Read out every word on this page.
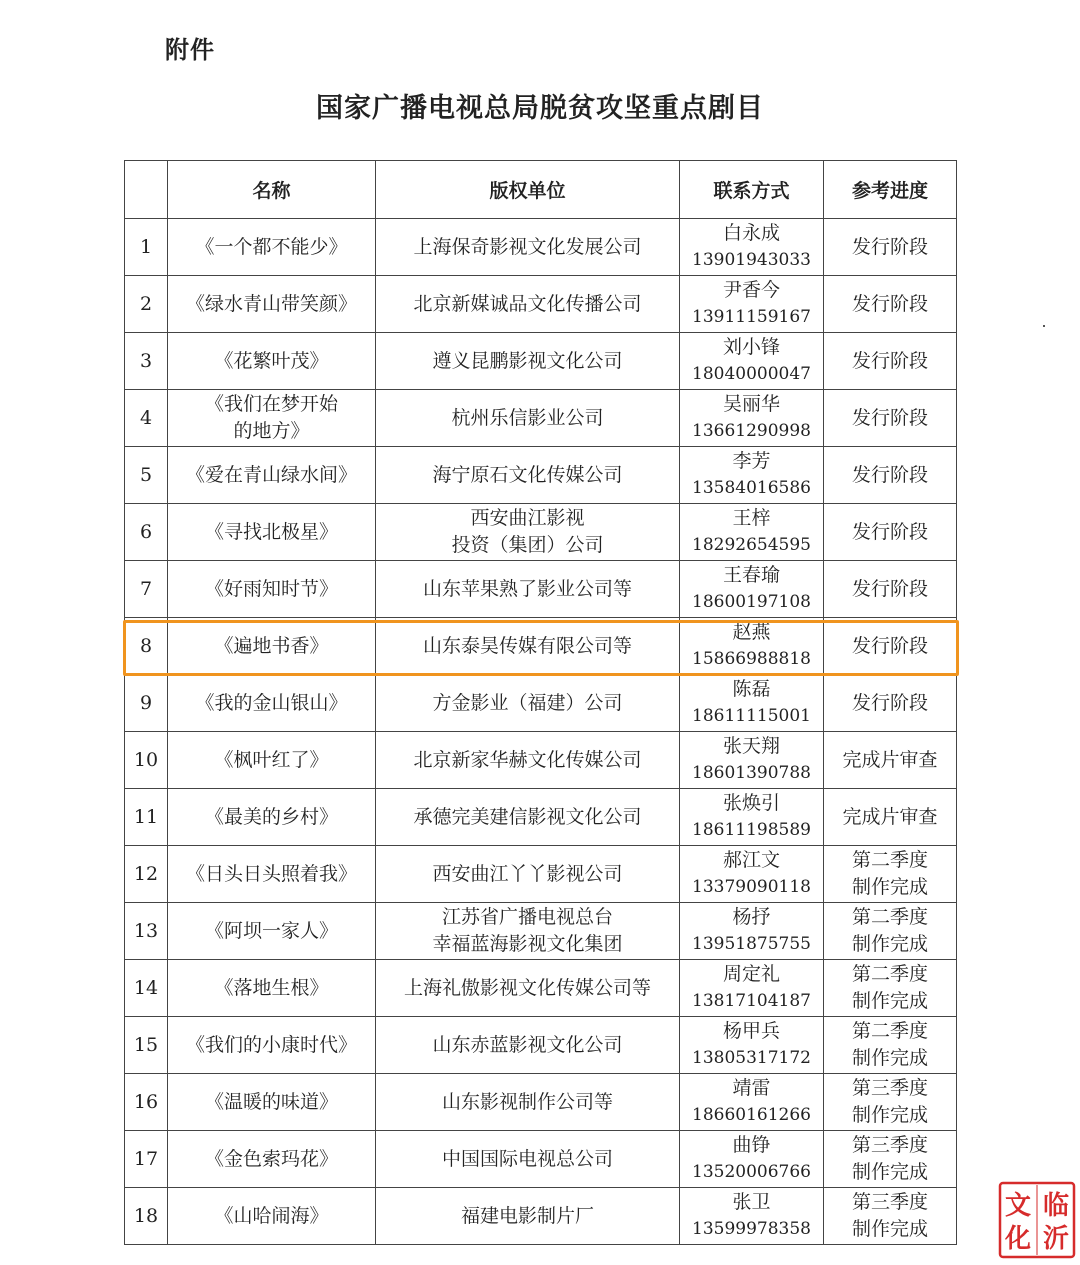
附件
国家广播电视总局脱贫攻坚重点剧目
	名称	版权单位	联系方式	参考进度
1	《一个都不能少》	上海保奇影视文化发展公司	白永成
13901943033	发行阶段

2	《绿水青山带笑颜》	北京新媒诚品文化传播公司	尹香今
13911159167	发行阶段

3	《花繁叶茂》	遵义昆鹏影视文化公司	刘小锋
18040000047	发行阶段

4	《我们在梦开始
的地方》	杭州乐信影业公司	吴丽华
13661290998	发行阶段

5	《爱在青山绿水间》	海宁原石文化传媒公司	李芳
13584016586	发行阶段

6	《寻找北极星》	西安曲江影视
投资（集团）公司	王梓
18292654595	发行阶段

7	《好雨知时节》	山东苹果熟了影业公司等	王春瑜
18600197108	发行阶段

8	《遍地书香》	山东泰昊传媒有限公司等	赵燕
15866988818	发行阶段

9	《我的金山银山》	方金影业（福建）公司	陈磊
18611115001	发行阶段

10	《枫叶红了》	北京新家华赫文化传媒公司	张天翔
18601390788	完成片审查

11	《最美的乡村》	承德完美建信影视文化公司	张焕引
18611198589	完成片审查

12	《日头日头照着我》	西安曲江丫丫影视公司	郝江文
13379090118	第二季度
制作完成

13	《阿坝一家人》	江苏省广播电视总台
幸福蓝海影视文化集团	杨抒
13951875755	第二季度
制作完成

14	《落地生根》	上海礼傲影视文化传媒公司等	周定礼
13817104187	第二季度
制作完成

15	《我们的小康时代》	山东赤蓝影视文化公司	杨甲兵
13805317172	第二季度
制作完成

16	《温暖的味道》	山东影视制作公司等	靖雷
18660161266	第三季度
制作完成

17	《金色索玛花》	中国国际电视总公司	曲铮
13520006766	第三季度
制作完成

18	《山哈闹海》	福建电影制片厂	张卫
13599978358	第三季度
制作完成
文
化
临
沂
